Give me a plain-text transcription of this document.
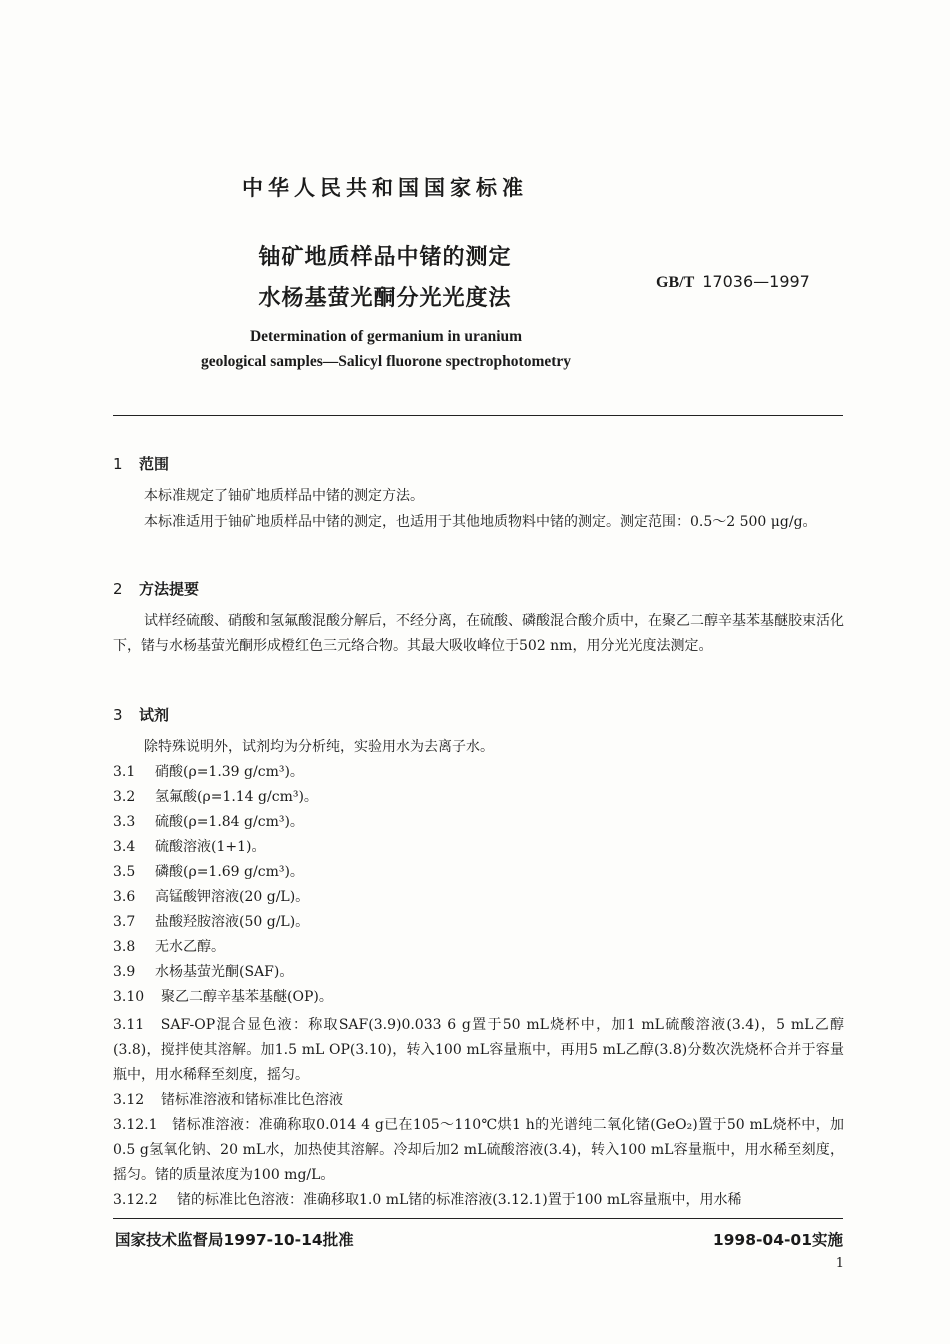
中华人民共和国国家标准
铀矿地质样品中锗的测定
水杨基萤光酮分光光度法
GB/T 17036—1997
Determination of germanium in uranium
geological samples—Salicyl fluorone spectrophotometry
1 范围
本标准规定了铀矿地质样品中锗的测定方法。
本标准适用于铀矿地质样品中锗的测定，也适用于其他地质物料中锗的测定。测定范围：0.5～2 500 μg/g。
2 方法提要
试样经硫酸、硝酸和氢氟酸混酸分解后，不经分离，在硫酸、磷酸混合酸介质中，在聚乙二醇辛基苯基醚胶束活化下，锗与水杨基萤光酮形成橙红色三元络合物。其最大吸收峰位于502 nm，用分光光度法测定。
3 试剂
除特殊说明外，试剂均为分析纯，实验用水为去离子水。
3.1 硝酸(ρ=1.39 g/cm³)。
3.2 氢氟酸(ρ=1.14 g/cm³)。
3.3 硫酸(ρ=1.84 g/cm³)。
3.4 硫酸溶液(1+1)。
3.5 磷酸(ρ=1.69 g/cm³)。
3.6 高锰酸钾溶液(20 g/L)。
3.7 盐酸羟胺溶液(50 g/L)。
3.8 无水乙醇。
3.9 水杨基萤光酮(SAF)。
3.10 聚乙二醇辛基苯基醚(OP)。
3.11　SAF-OP混合显色液：称取SAF(3.9)0.033 6 g置于50 mL烧杯中，加1 mL硫酸溶液(3.4)，5 mL乙醇(3.8)，搅拌使其溶解。加1.5 mL OP(3.10)，转入100 mL容量瓶中，再用5 mL乙醇(3.8)分数次洗烧杯合并于容量瓶中，用水稀释至刻度，摇匀。
3.12 锗标准溶液和锗标准比色溶液
3.12.1　锗标准溶液：准确称取0.014 4 g已在105～110℃烘1 h的光谱纯二氧化锗(GeO₂)置于50 mL烧杯中，加0.5 g氢氧化钠、20 mL水，加热使其溶解。冷却后加2 mL硫酸溶液(3.4)，转入100 mL容量瓶中，用水稀至刻度，摇匀。锗的质量浓度为100 mg/L。
3.12.2 锗的标准比色溶液：准确移取1.0 mL锗的标准溶液(3.12.1)置于100 mL容量瓶中，用水稀
国家技术监督局1997-10-14批准	1998-04-01实施
1
